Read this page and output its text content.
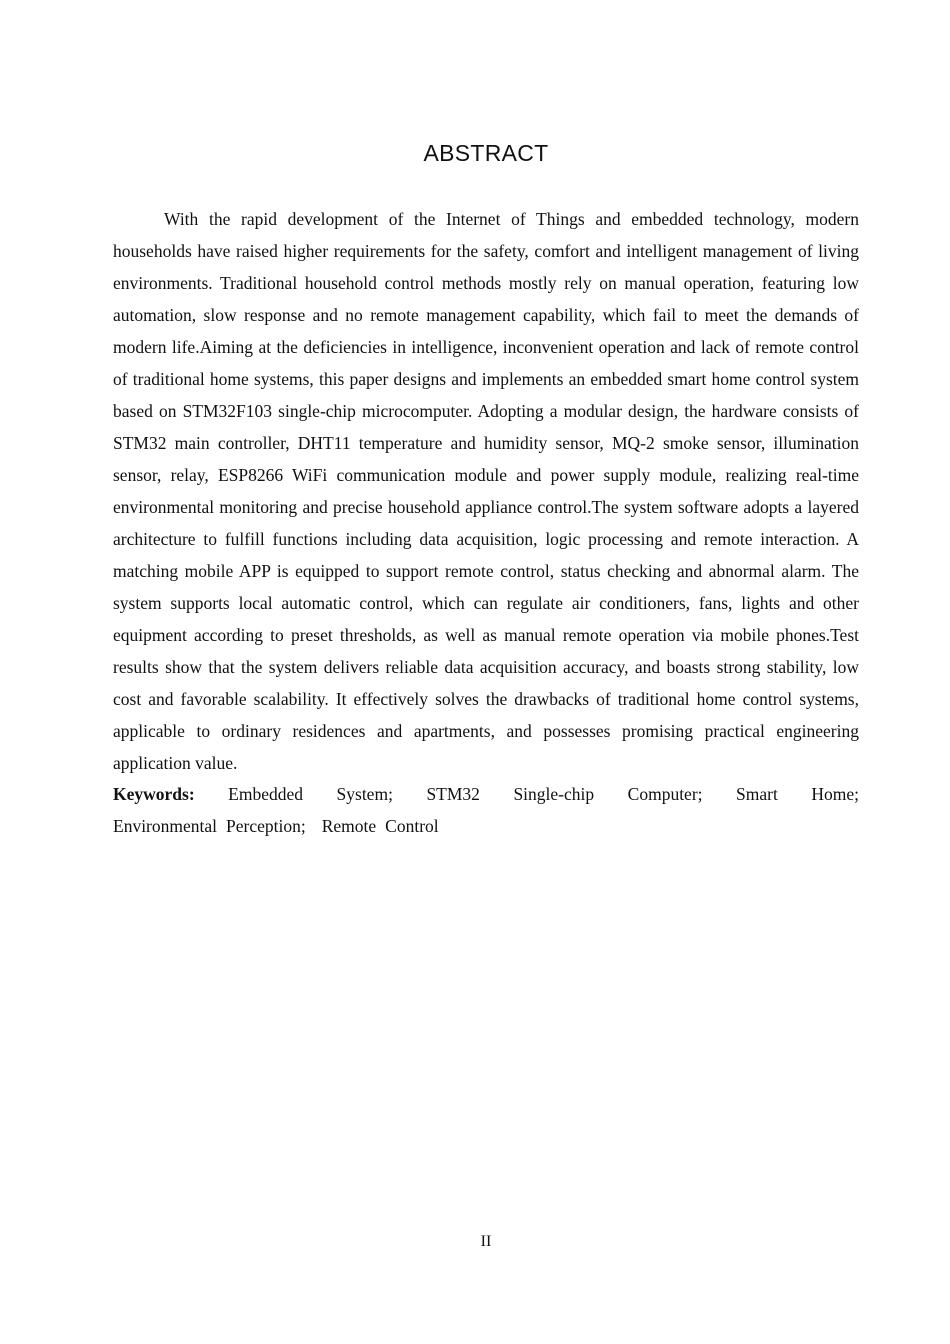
ABSTRACT

With the rapid development of the Internet of Things and embedded technology, modern households have raised higher requirements for the safety, comfort and intelligent management of living environments. Traditional household control methods mostly rely on manual operation, featuring low automation, slow response and no remote management capability, which fail to meet the demands of modern life.Aiming at the deficiencies in intelligence, inconvenient operation and lack of remote control of traditional home systems, this paper designs and implements an embedded smart home control system based on STM32F103 single-chip microcomputer. Adopting a modular design, the hardware consists of STM32 main controller, DHT11 temperature and humidity sensor, MQ-2 smoke sensor, illumination sensor, relay, ESP8266 WiFi communication module and power supply module, realizing real-time environmental monitoring and precise household appliance control.The system software adopts a layered architecture to fulfill functions including data acquisition, logic processing and remote interaction. A matching mobile APP is equipped to support remote control, status checking and abnormal alarm. The system supports local automatic control, which can regulate air conditioners, fans, lights and other equipment according to preset thresholds, as well as manual remote operation via mobile phones.Test results show that the system delivers reliable data acquisition accuracy, and boasts strong stability, low cost and favorable scalability. It effectively solves the drawbacks of traditional home control systems, applicable to ordinary residences and apartments, and possesses promising practical engineering application value.

Keywords: Embedded System; STM32 Single-chip Computer; Smart Home;
Environmental Perception; Remote Control
II
